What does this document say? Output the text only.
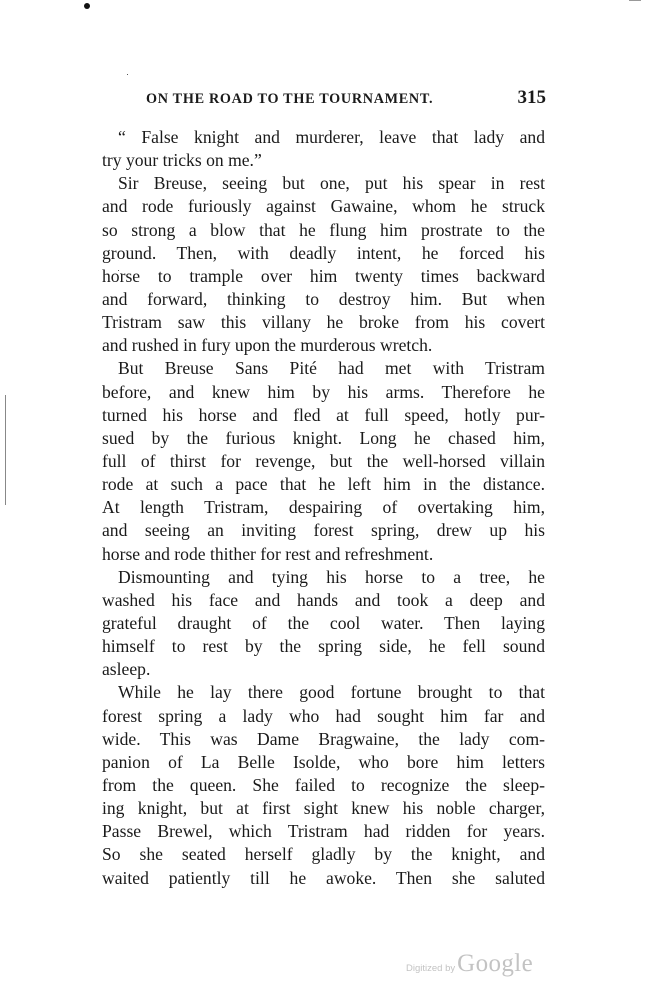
ON THE ROAD TO THE TOURNAMENT.	315
“ False knight and murderer, leave that lady and
try your tricks on me.”
Sir Breuse, seeing but one, put his spear in rest
and rode furiously against Gawaine, whom he struck
so strong a blow that he flung him prostrate to the
ground. Then, with deadly intent, he forced his
horse to trample over him twenty times backward
and forward, thinking to destroy him. But when
Tristram saw this villany he broke from his covert
and rushed in fury upon the murderous wretch.
But Breuse Sans Pité had met with Tristram
before, and knew him by his arms. Therefore he
turned his horse and fled at full speed, hotly pur-
sued by the furious knight. Long he chased him,
full of thirst for revenge, but the well-horsed villain
rode at such a pace that he left him in the distance.
At length Tristram, despairing of overtaking him,
and seeing an inviting forest spring, drew up his
horse and rode thither for rest and refreshment.
Dismounting and tying his horse to a tree, he
washed his face and hands and took a deep and
grateful draught of the cool water. Then laying
himself to rest by the spring side, he fell sound
asleep.
While he lay there good fortune brought to that
forest spring a lady who had sought him far and
wide. This was Dame Bragwaine, the lady com-
panion of La Belle Isolde, who bore him letters
from the queen. She failed to recognize the sleep-
ing knight, but at first sight knew his noble charger,
Passe Brewel, which Tristram had ridden for years.
So she seated herself gladly by the knight, and
waited patiently till he awoke. Then she saluted
Digitized by Google
